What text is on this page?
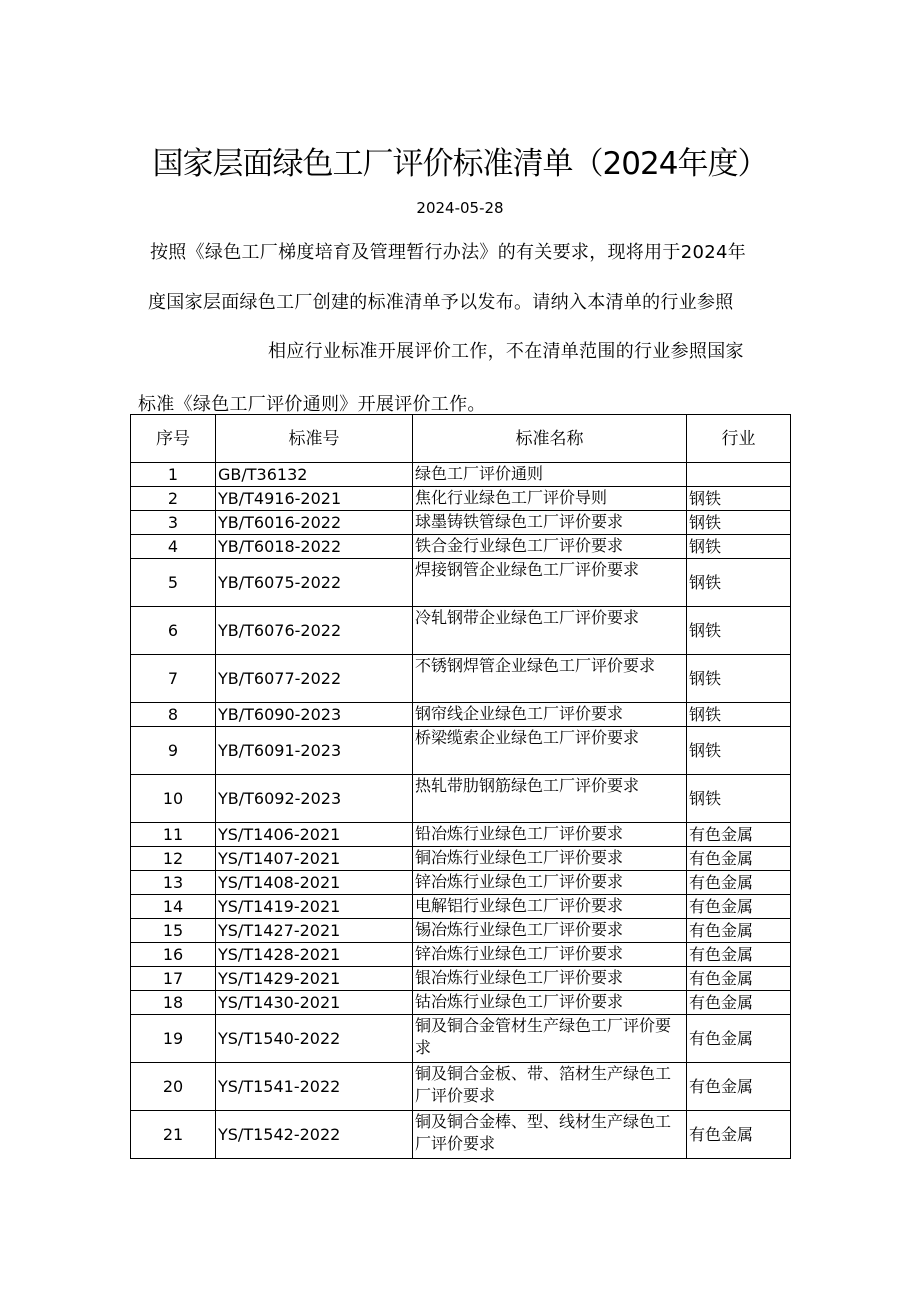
国家层面绿色工厂评价标准清单（2024年度）
2024-05-28
按照《绿色工厂梯度培育及管理暂行办法》的有关要求，现将用于2024年
度国家层面绿色工厂创建的标准清单予以发布。请纳入本清单的行业参照
相应行业标准开展评价工作，不在清单范围的行业参照国家
标准《绿色工厂评价通则》开展评价工作。
序号	标准号	标准名称	行业
1	GB/T36132	绿色工厂评价通则	
2	YB/T4916-2021	焦化行业绿色工厂评价导则	钢铁
3	YB/T6016-2022	球墨铸铁管绿色工厂评价要求	钢铁
4	YB/T6018-2022	铁合金行业绿色工厂评价要求	钢铁
5	YB/T6075-2022	焊接钢管企业绿色工厂评价要求	钢铁
6	YB/T6076-2022	冷轧钢带企业绿色工厂评价要求	钢铁
7	YB/T6077-2022	不锈钢焊管企业绿色工厂评价要求	钢铁
8	YB/T6090-2023	钢帘线企业绿色工厂评价要求	钢铁
9	YB/T6091-2023	桥梁缆索企业绿色工厂评价要求	钢铁
10	YB/T6092-2023	热轧带肋钢筋绿色工厂评价要求	钢铁
11	YS/T1406-2021	铅冶炼行业绿色工厂评价要求	有色金属
12	YS/T1407-2021	铜冶炼行业绿色工厂评价要求	有色金属
13	YS/T1408-2021	锌冶炼行业绿色工厂评价要求	有色金属
14	YS/T1419-2021	电解铝行业绿色工厂评价要求	有色金属
15	YS/T1427-2021	锡冶炼行业绿色工厂评价要求	有色金属
16	YS/T1428-2021	锌冶炼行业绿色工厂评价要求	有色金属
17	YS/T1429-2021	银冶炼行业绿色工厂评价要求	有色金属
18	YS/T1430-2021	钴冶炼行业绿色工厂评价要求	有色金属
19	YS/T1540-2022	铜及铜合金管材生产绿色工厂评价要求	有色金属
20	YS/T1541-2022	铜及铜合金板、带、箔材生产绿色工厂评价要求	有色金属
21	YS/T1542-2022	铜及铜合金棒、型、线材生产绿色工厂评价要求	有色金属
